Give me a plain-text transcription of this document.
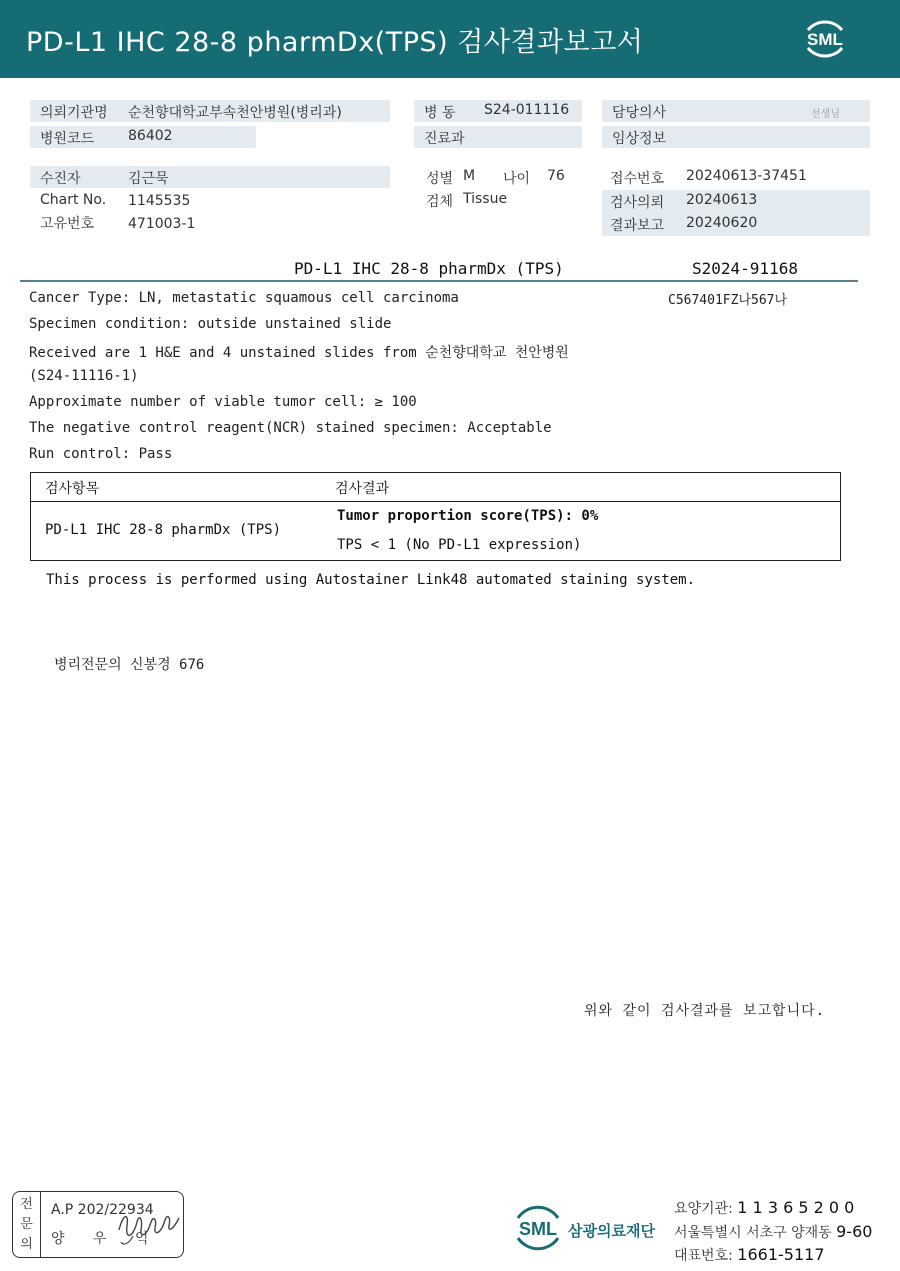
PD-L1 IHC 28-8 pharmDx(TPS) 검사결과보고서	SML
의뢰기관명 순천향대학교부속천안병원(병리과)
병원코드 86402
병 동 S24-011116
진료과
담당의사	선생님
임상정보
수진자	김근묵
Chart No. 1145535
고유번호 471003-1
성별 M 나이 76
검체 Tissue
접수번호 20240613-37451
검사의뢰 20240613
결과보고 20240620
PD-L1 IHC 28-8 pharmDx (TPS)	S2024-91168
C567401FZ나567나
Cancer Type: LN, metastatic squamous cell carcinoma
Specimen condition: outside unstained slide
Received are 1 H&E and 4 unstained slides from 순천향대학교 천안병원
(S24-11116-1)
Approximate number of viable tumor cell: ≥ 100
The negative control reagent(NCR) stained specimen: Acceptable
Run control: Pass
검사항목	검사결과
PD-L1 IHC 28-8 pharmDx (TPS)
Tumor proportion score(TPS): 0%
TPS < 1 (No PD-L1 expression)
This process is performed using Autostainer Link48 automated staining system.
병리전문의 신봉경 676
위와 같이 검사결과를 보고합니다.
전
문
의
A.P 202/22934
양 우 익	SML 삼광의료재단
요양기관: 1 1 3 6 5 2 0 0
서울특별시 서초구 양재동 9-60
대표번호: 1661-5117
